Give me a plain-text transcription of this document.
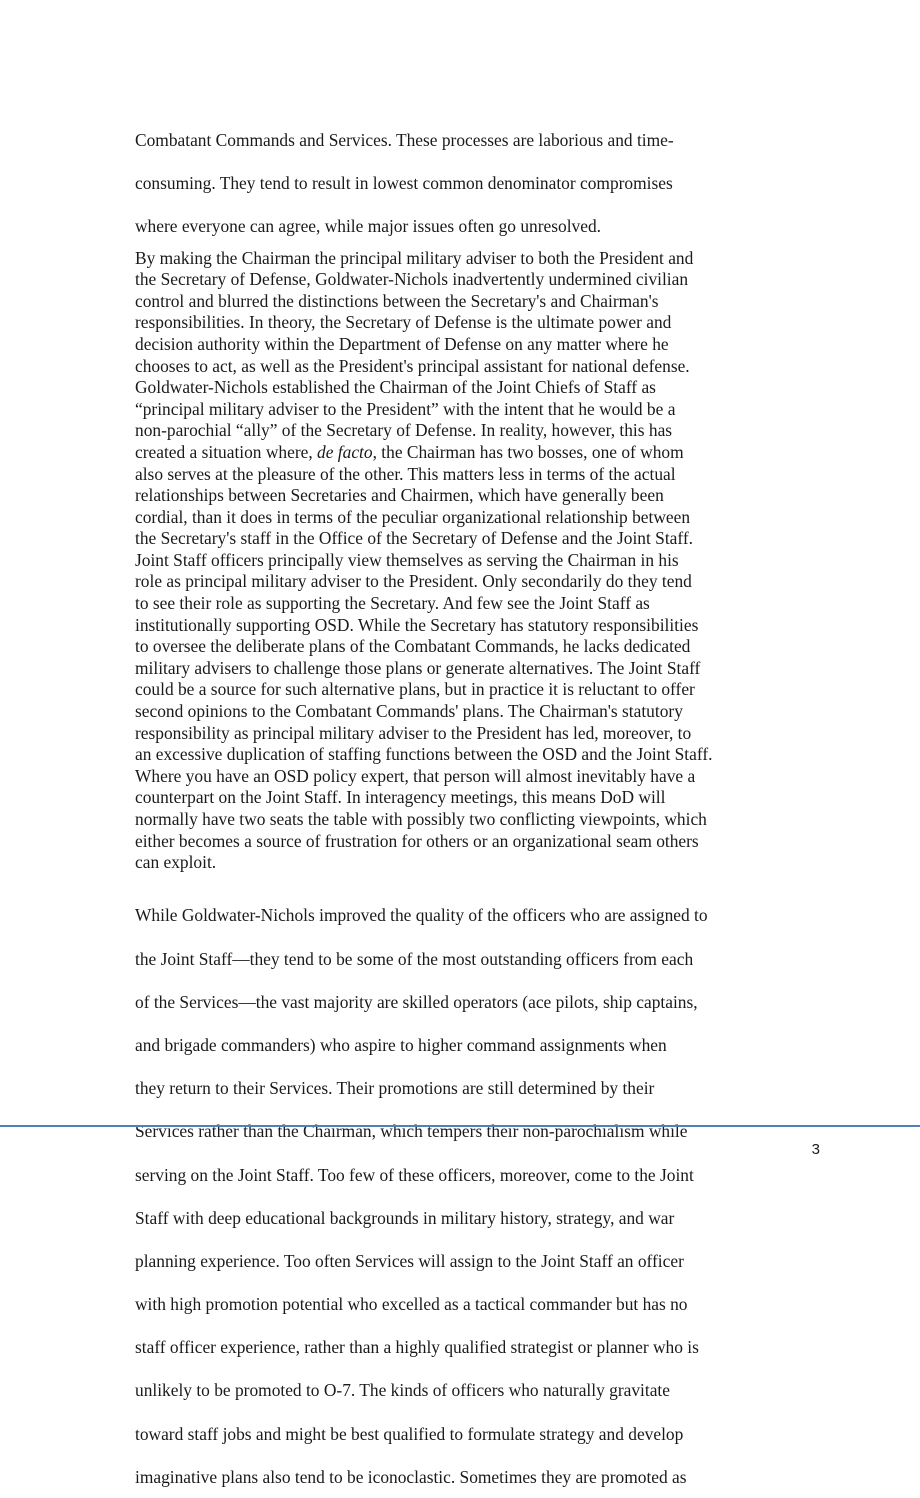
Combatant Commands and Services. These processes are laborious and time-

consuming. They tend to result in lowest common denominator compromises

where everyone can agree, while major issues often go unresolved.

By making the Chairman the principal military adviser to both the President and
the Secretary of Defense, Goldwater-Nichols inadvertently undermined civilian
control and blurred the distinctions between the Secretary's and Chairman's
responsibilities. In theory, the Secretary of Defense is the ultimate power and
decision authority within the Department of Defense on any matter where he
chooses to act, as well as the President's principal assistant for national defense.
Goldwater-Nichols established the Chairman of the Joint Chiefs of Staff as
“principal military adviser to the President” with the intent that he would be a
non-parochial “ally” of the Secretary of Defense. In reality, however, this has
created a situation where, de facto, the Chairman has two bosses, one of whom
also serves at the pleasure of the other. This matters less in terms of the actual
relationships between Secretaries and Chairmen, which have generally been
cordial, than it does in terms of the peculiar organizational relationship between
the Secretary's staff in the Office of the Secretary of Defense and the Joint Staff.
Joint Staff officers principally view themselves as serving the Chairman in his
role as principal military adviser to the President. Only secondarily do they tend
to see their role as supporting the Secretary. And few see the Joint Staff as
institutionally supporting OSD. While the Secretary has statutory responsibilities
to oversee the deliberate plans of the Combatant Commands, he lacks dedicated
military advisers to challenge those plans or generate alternatives. The Joint Staff
could be a source for such alternative plans, but in practice it is reluctant to offer
second opinions to the Combatant Commands' plans. The Chairman's statutory
responsibility as principal military adviser to the President has led, moreover, to
an excessive duplication of staffing functions between the OSD and the Joint Staff.
Where you have an OSD policy expert, that person will almost inevitably have a
counterpart on the Joint Staff. In interagency meetings, this means DoD will
normally have two seats the table with possibly two conflicting viewpoints, which
either becomes a source of frustration for others or an organizational seam others
can exploit.

While Goldwater-Nichols improved the quality of the officers who are assigned to

the Joint Staff—they tend to be some of the most outstanding officers from each

of the Services—the vast majority are skilled operators (ace pilots, ship captains,

and brigade commanders) who aspire to higher command assignments when

they return to their Services. Their promotions are still determined by their

Services rather than the Chairman, which tempers their non-parochialism while

serving on the Joint Staff. Too few of these officers, moreover, come to the Joint

Staff with deep educational backgrounds in military history, strategy, and war

planning experience. Too often Services will assign to the Joint Staff an officer

with high promotion potential who excelled as a tactical commander but has no

staff officer experience, rather than a highly qualified strategist or planner who is

unlikely to be promoted to O-7. The kinds of officers who naturally gravitate

toward staff jobs and might be best qualified to formulate strategy and develop

imaginative plans also tend to be iconoclastic. Sometimes they are promoted as

3
